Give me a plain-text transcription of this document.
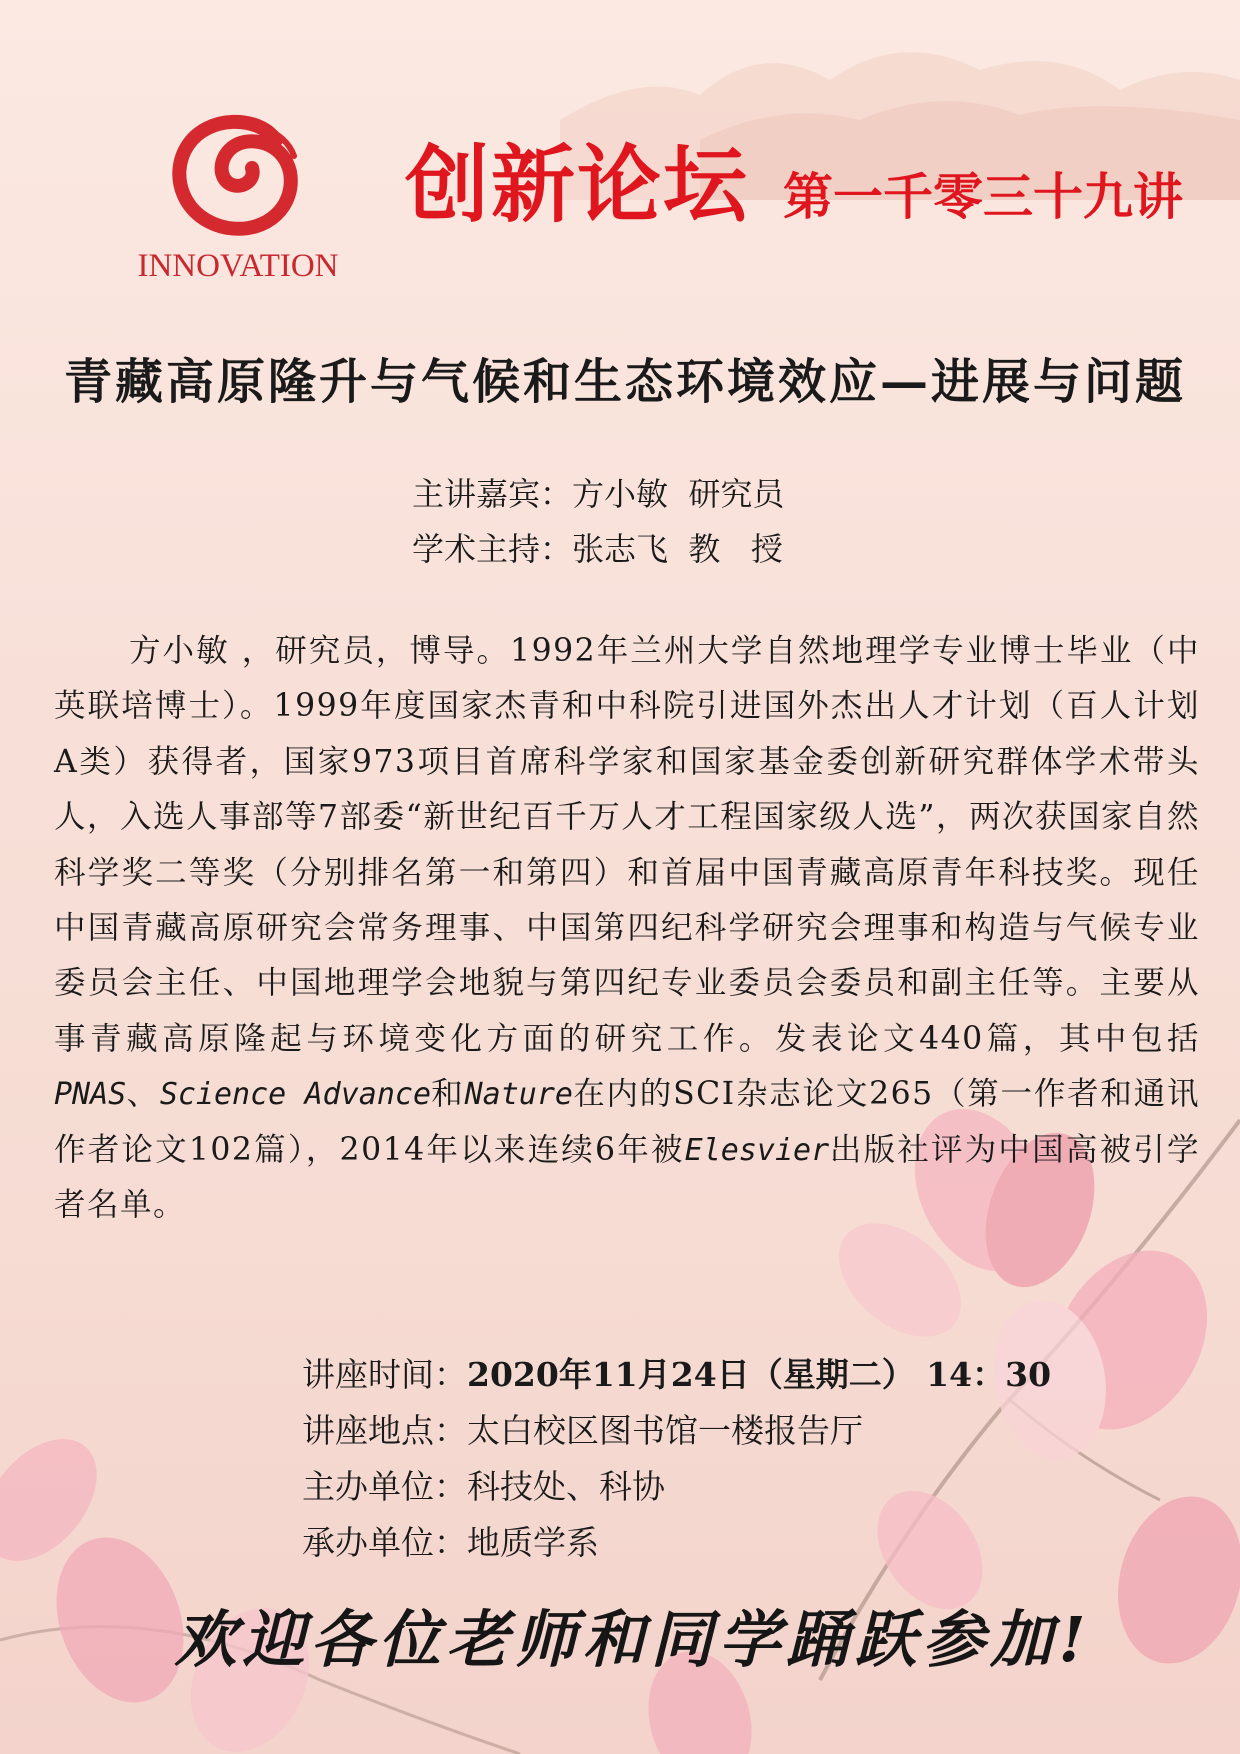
INNOVATION
创新论坛 第一千零三十九讲
青藏高原隆升与气候和生态环境效应—进展与问题
主讲嘉宾：方小敏  研究员
学术主持：张志飞  教   授
方小敏 ，研究员，博导。1992年兰州大学自然地理学专业博士毕业（中英联培博士）。1999年度国家杰青和中科院引进国外杰出人才计划（百人计划A类）获得者，国家973项目首席科学家和国家基金委创新研究群体学术带头人，入选人事部等7部委“新世纪百千万人才工程国家级人选”，两次获国家自然科学奖二等奖（分别排名第一和第四）和首届中国青藏高原青年科技奖。现任中国青藏高原研究会常务理事、中国第四纪科学研究会理事和构造与气候专业委员会主任、中国地理学会地貌与第四纪专业委员会委员和副主任等。主要从事青藏高原隆起与环境变化方面的研究工作。发表论文440篇，其中包括PNAS、Science Advance和Nature在内的SCI杂志论文265（第一作者和通讯作者论文102篇），2014年以来连续6年被Elesvier出版社评为中国高被引学者名单。
讲座时间：2020年11月24日（星期二） 14：30
讲座地点：太白校区图书馆一楼报告厅
主办单位：科技处、科协
承办单位：地质学系
欢迎各位老师和同学踊跃参加!
